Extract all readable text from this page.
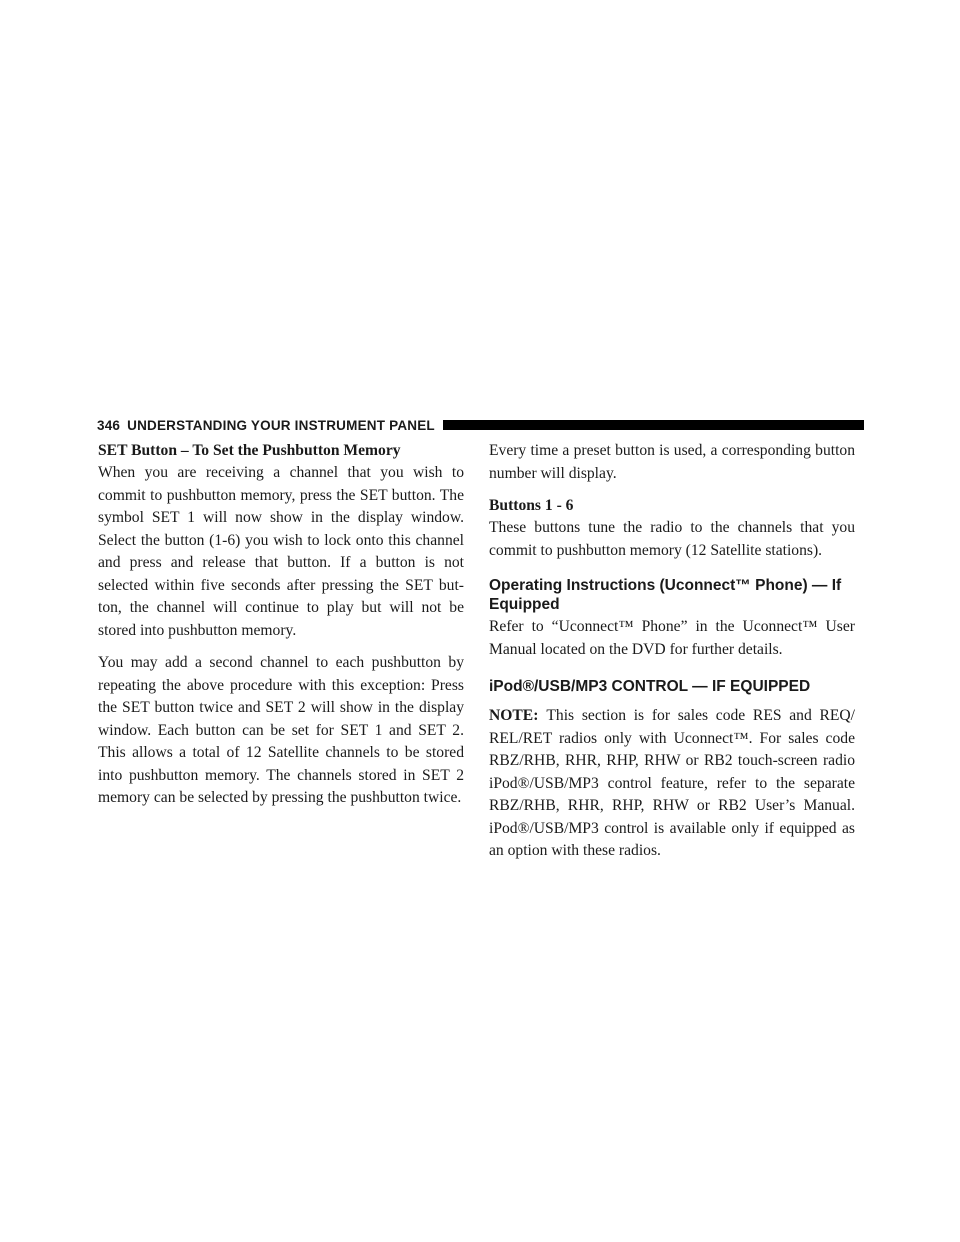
346 UNDERSTANDING YOUR INSTRUMENT PANEL
SET Button – To Set the Pushbutton Memory

When you are receiving a channel that you wish to commit to pushbutton memory, press the SET button. The symbol SET 1 will now show in the display window. Select the button (1-6) you wish to lock onto this channel and press and release that button. If a button is not selected within five seconds after pressing the SET but-ton, the channel will continue to play but will not be stored into pushbutton memory.

You may add a second channel to each pushbutton by repeating the above procedure with this exception: Press the SET button twice and SET 2 will show in the display window. Each button can be set for SET 1 and SET 2. This allows a total of 12 Satellite channels to be stored into pushbutton memory. The channels stored in SET 2 memory can be selected by pressing the pushbutton twice.

Every time a preset button is used, a corresponding button number will display.

Buttons 1 - 6

These buttons tune the radio to the channels that you commit to pushbutton memory (12 Satellite stations).

Operating Instructions (Uconnect™ Phone) — If Equipped

Refer to “Uconnect™ Phone” in the Uconnect™ User Manual located on the DVD for further details.

iPod®/USB/MP3 CONTROL — IF EQUIPPED

NOTE: This section is for sales code RES and REQ/ REL/RET radios only with Uconnect™. For sales code RBZ/RHB, RHR, RHP, RHW or RB2 touch-screen radio iPod®/USB/MP3 control feature, refer to the separate RBZ/RHB, RHR, RHP, RHW or RB2 User’s Manual. iPod®/USB/MP3 control is available only if equipped as an option with these radios.
